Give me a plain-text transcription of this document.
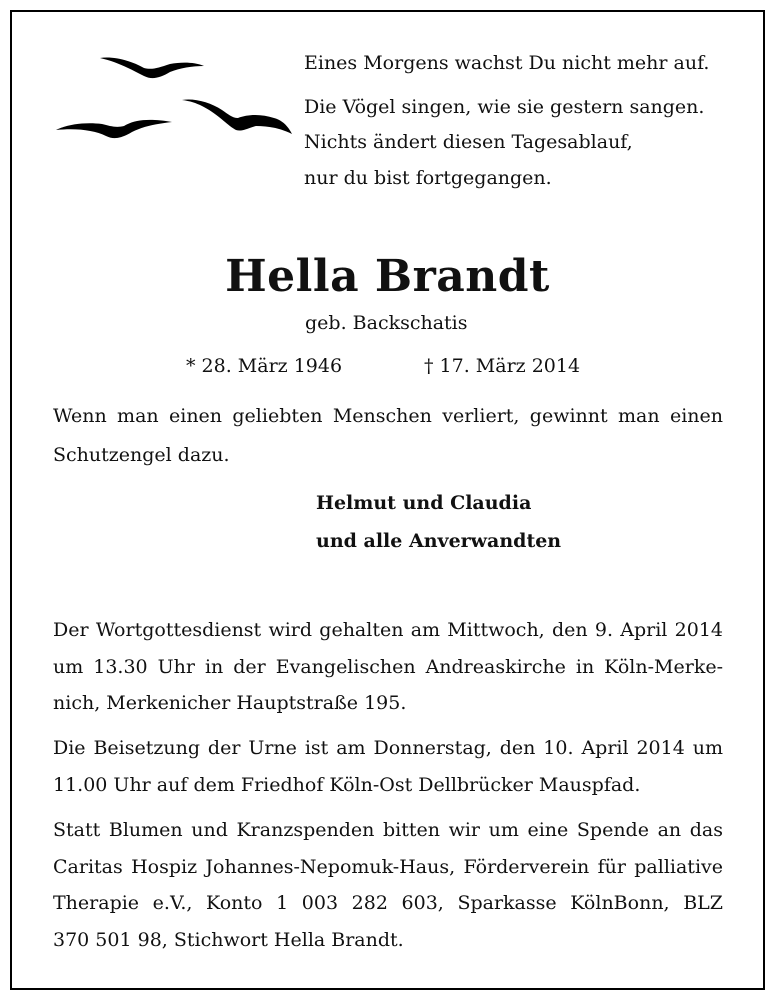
Eines Morgens wachst Du nicht mehr auf.
Die Vögel singen, wie sie gestern sangen.
Nichts ändert diesen Tagesablauf,
nur du bist fortgegangen.
Hella Brandt
geb. Backschatis
* 28. März 1946	† 17. März 2014
Wenn man einen geliebten Menschen verliert, gewinnt man einen Schutzengel dazu.
Helmut und Claudia
und alle Anverwandten
Der Wortgottesdienst wird gehalten am Mittwoch, den 9. April 2014
um 13.30 Uhr in der Evangelischen Andreaskirche in Köln-Merke-
nich, Merkenicher Hauptstraße 195.
Die Beisetzung der Urne ist am Donnerstag, den 10. April 2014 um
11.00 Uhr auf dem Friedhof Köln-Ost Dellbrücker Mauspfad.
Statt Blumen und Kranzspenden bitten wir um eine Spende an das
Caritas Hospiz Johannes-Nepomuk-Haus, Förderverein für palliative
Therapie e.V., Konto 1 003 282 603, Sparkasse KölnBonn, BLZ
370 501 98, Stichwort Hella Brandt.
